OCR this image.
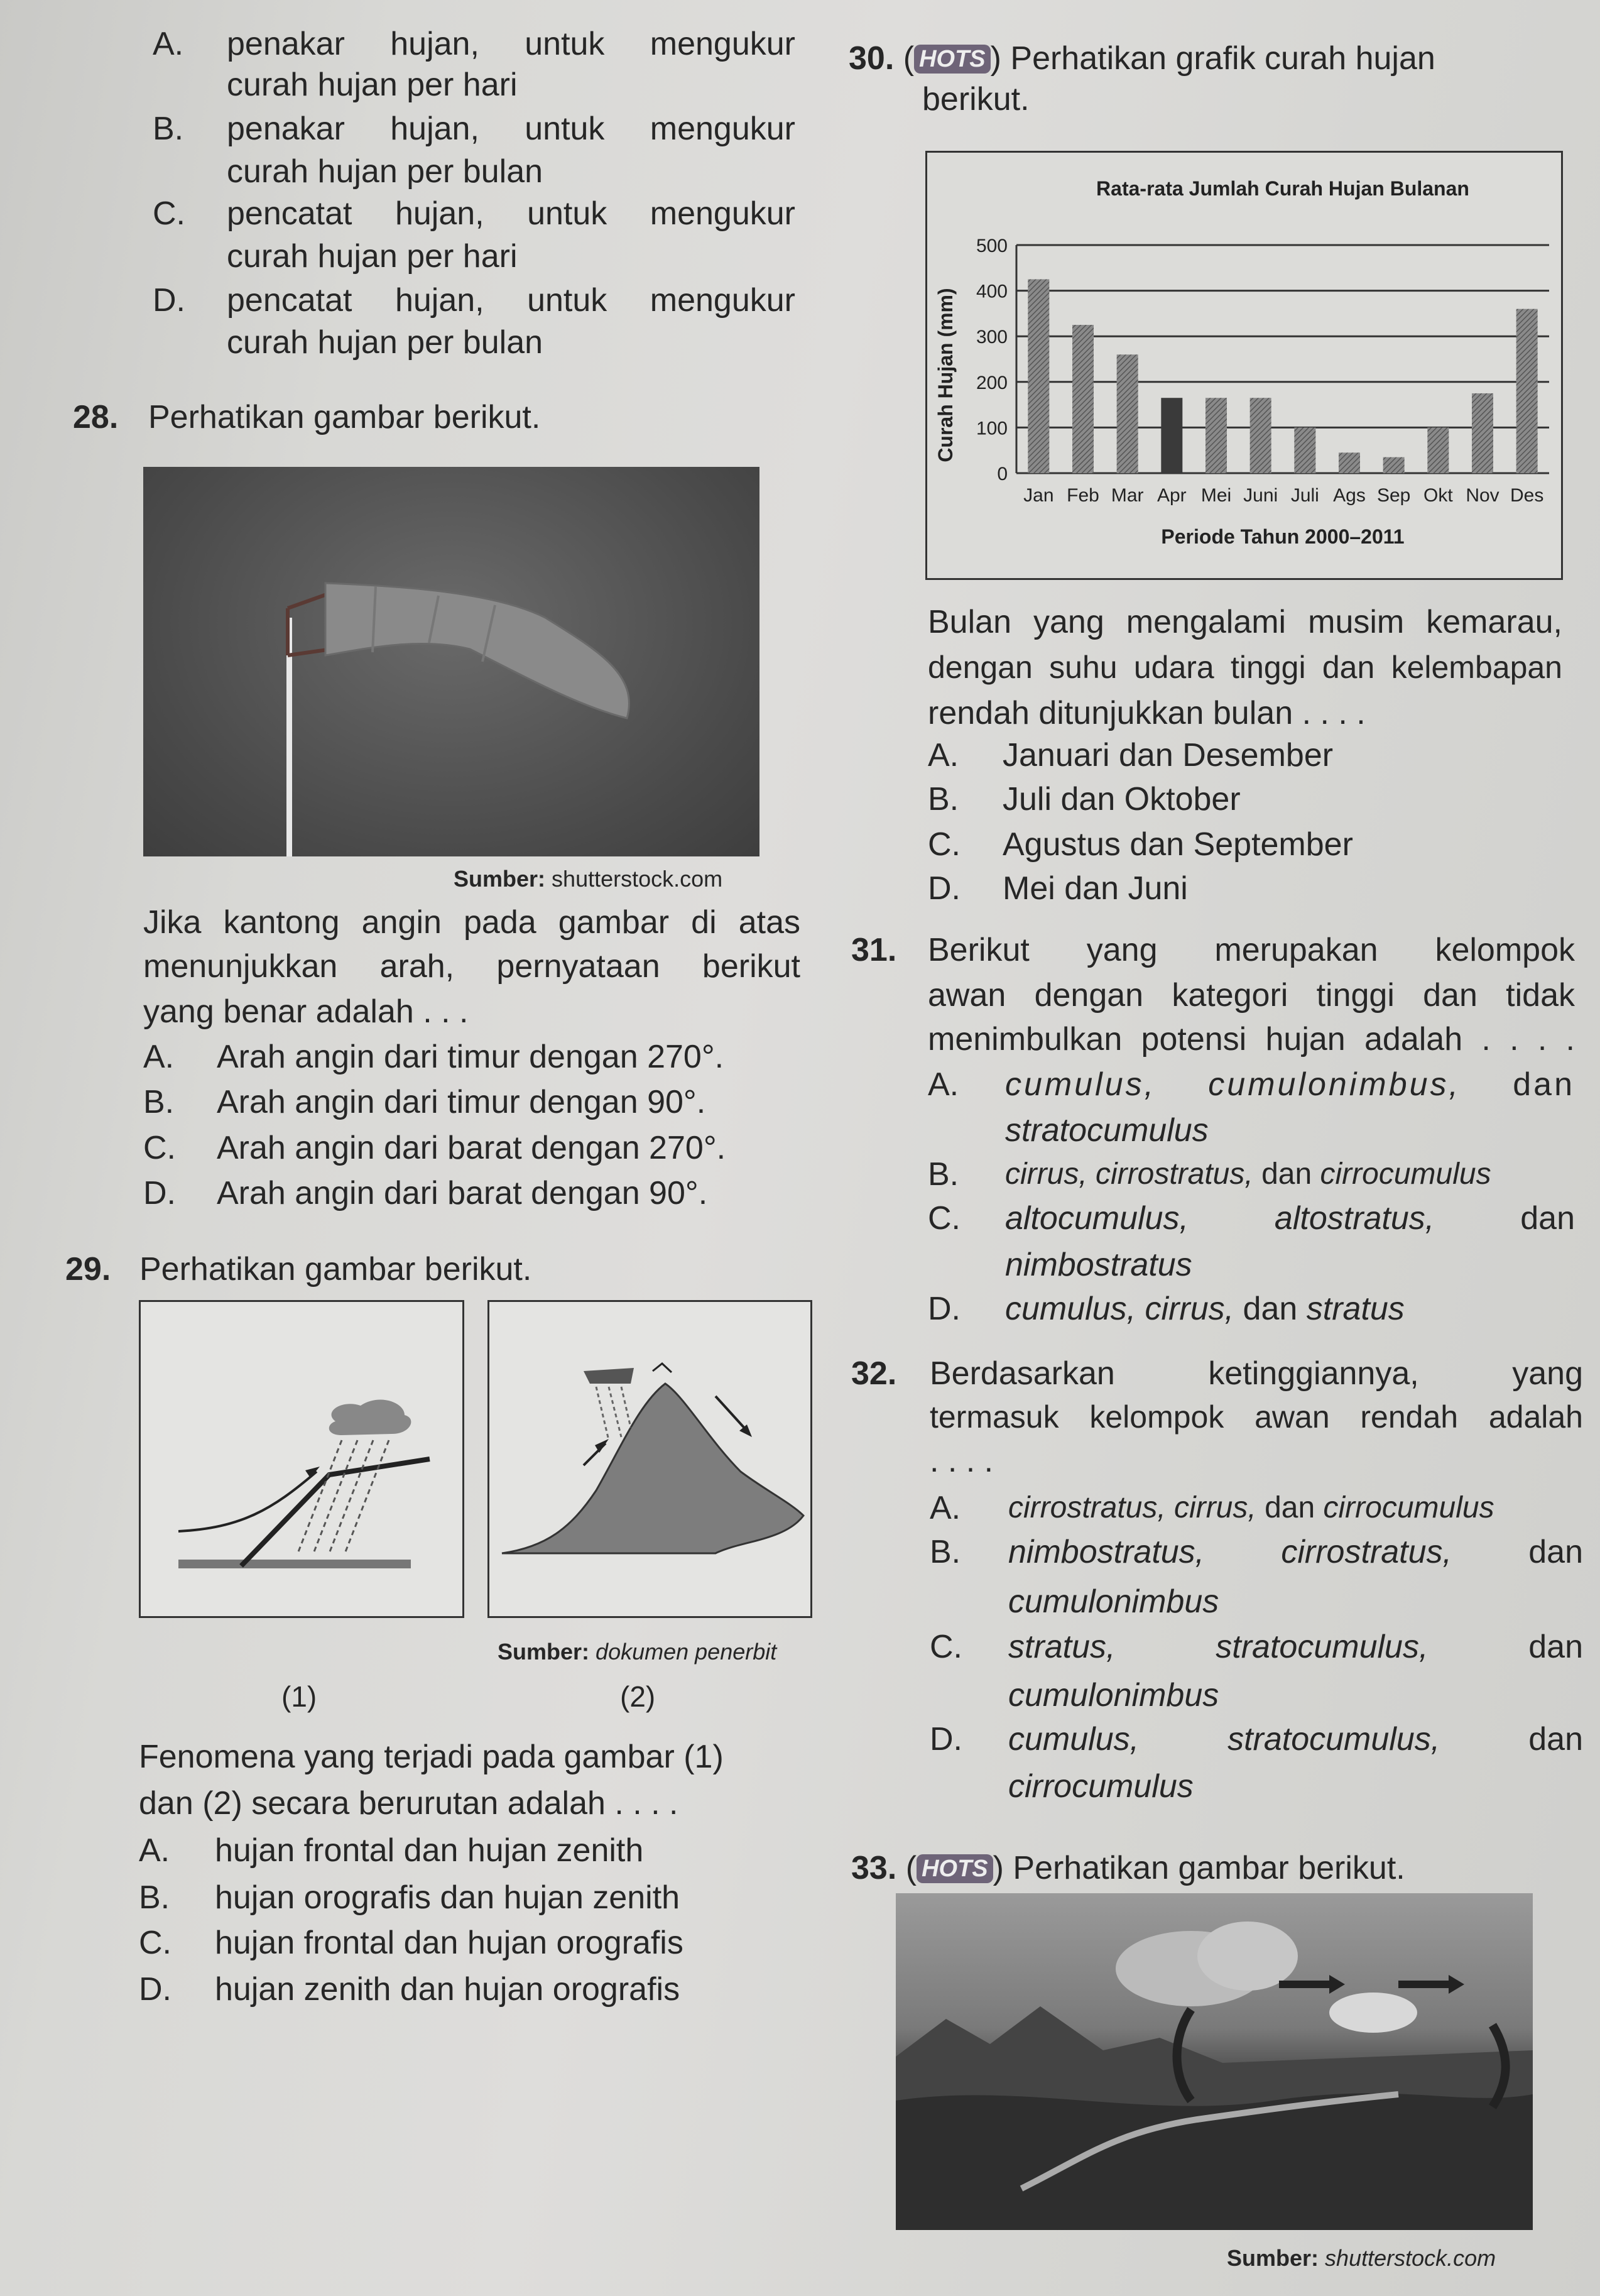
A. penakar hujan, untuk mengukur
curah hujan per hari
B. penakar hujan, untuk mengukur
curah hujan per bulan
C. pencatat hujan, untuk mengukur
curah hujan per hari
D. pencatat hujan, untuk mengukur
curah hujan per bulan
28. Perhatikan gambar berikut.
Sumber: shutterstock.com
Jika kantong angin pada gambar di atas
menunjukkan arah, pernyataan berikut
yang benar adalah . . .
A. Arah angin dari timur dengan 270°.
B. Arah angin dari timur dengan 90°.
C. Arah angin dari barat dengan 270°.
D. Arah angin dari barat dengan 90°.
29. Perhatikan gambar berikut.
Sumber: dokumen penerbit
(1)	(2)
Fenomena yang terjadi pada gambar (1)
dan (2) secara berurutan adalah . . . .
A. hujan frontal dan hujan zenith
B. hujan orografis dan hujan zenith
C. hujan frontal dan hujan orografis
D. hujan zenith dan hujan orografis
30. ( HOTS ) Perhatikan grafik curah hujan
berikut.
Rata-rata Jumlah Curah Hujan Bulanan
Periode Tahun 2000–2011
Curah Hujan (mm)
0
100
200
300
400
500
Jan Feb Mar Apr Mei Juni Juli Ags Sep Okt Nov Des
Bulan yang mengalami musim kemarau,
dengan suhu udara tinggi dan kelembapan
rendah ditunjukkan bulan . . . .
A. Januari dan Desember
B. Juli dan Oktober
C. Agustus dan September
D. Mei dan Juni
31. Berikut yang merupakan kelompok
awan dengan kategori tinggi dan tidak
menimbulkan potensi hujan adalah . . . .
A. cumulus, cumulonimbus, dan
stratocumulus
B. cirrus, cirrostratus, dan cirrocumulus
C. altocumulus, altostratus,	dan
nimbostratus
D. cumulus, cirrus, dan stratus
32. Berdasarkan ketinggiannya, yang
termasuk kelompok awan rendah adalah
. . . .
A. cirrostratus, cirrus, dan cirrocumulus
B. nimbostratus, cirrostratus, dan
cumulonimbus
C. stratus, stratocumulus,	dan
cumulonimbus
D. cumulus, stratocumulus,	dan
cirrocumulus
33. ( HOTS ) Perhatikan gambar berikut.
Sumber: shutterstock.com
